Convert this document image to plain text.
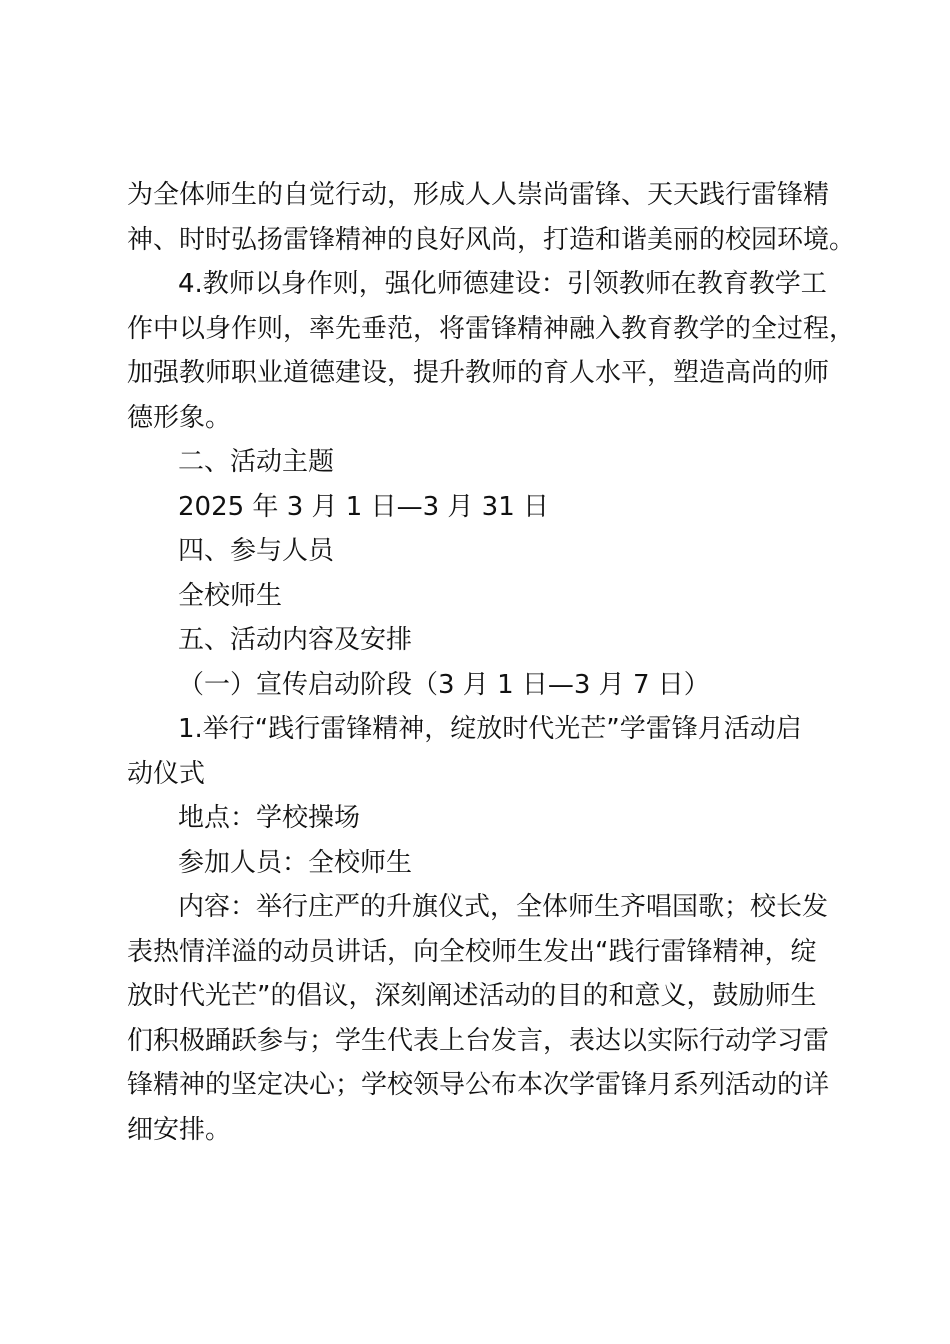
为全体师生的自觉行动，形成人人崇尚雷锋、天天践行雷锋精

神、时时弘扬雷锋精神的良好风尚，打造和谐美丽的校园环境。

4.教师以身作则，强化师德建设：引领教师在教育教学工

作中以身作则，率先垂范，将雷锋精神融入教育教学的全过程，

加强教师职业道德建设，提升教师的育人水平，塑造高尚的师

德形象。

二、活动主题

2025 年 3 月 1 日—3 月 31 日

四、参与人员

全校师生

五、活动内容及安排

（一）宣传启动阶段（3 月 1 日—3 月 7 日）

1.举行“践行雷锋精神，绽放时代光芒”学雷锋月活动启

动仪式

地点：学校操场

参加人员：全校师生

内容：举行庄严的升旗仪式，全体师生齐唱国歌；校长发

表热情洋溢的动员讲话，向全校师生发出“践行雷锋精神，绽

放时代光芒”的倡议，深刻阐述活动的目的和意义，鼓励师生

们积极踊跃参与；学生代表上台发言，表达以实际行动学习雷

锋精神的坚定决心；学校领导公布本次学雷锋月系列活动的详

细安排。
